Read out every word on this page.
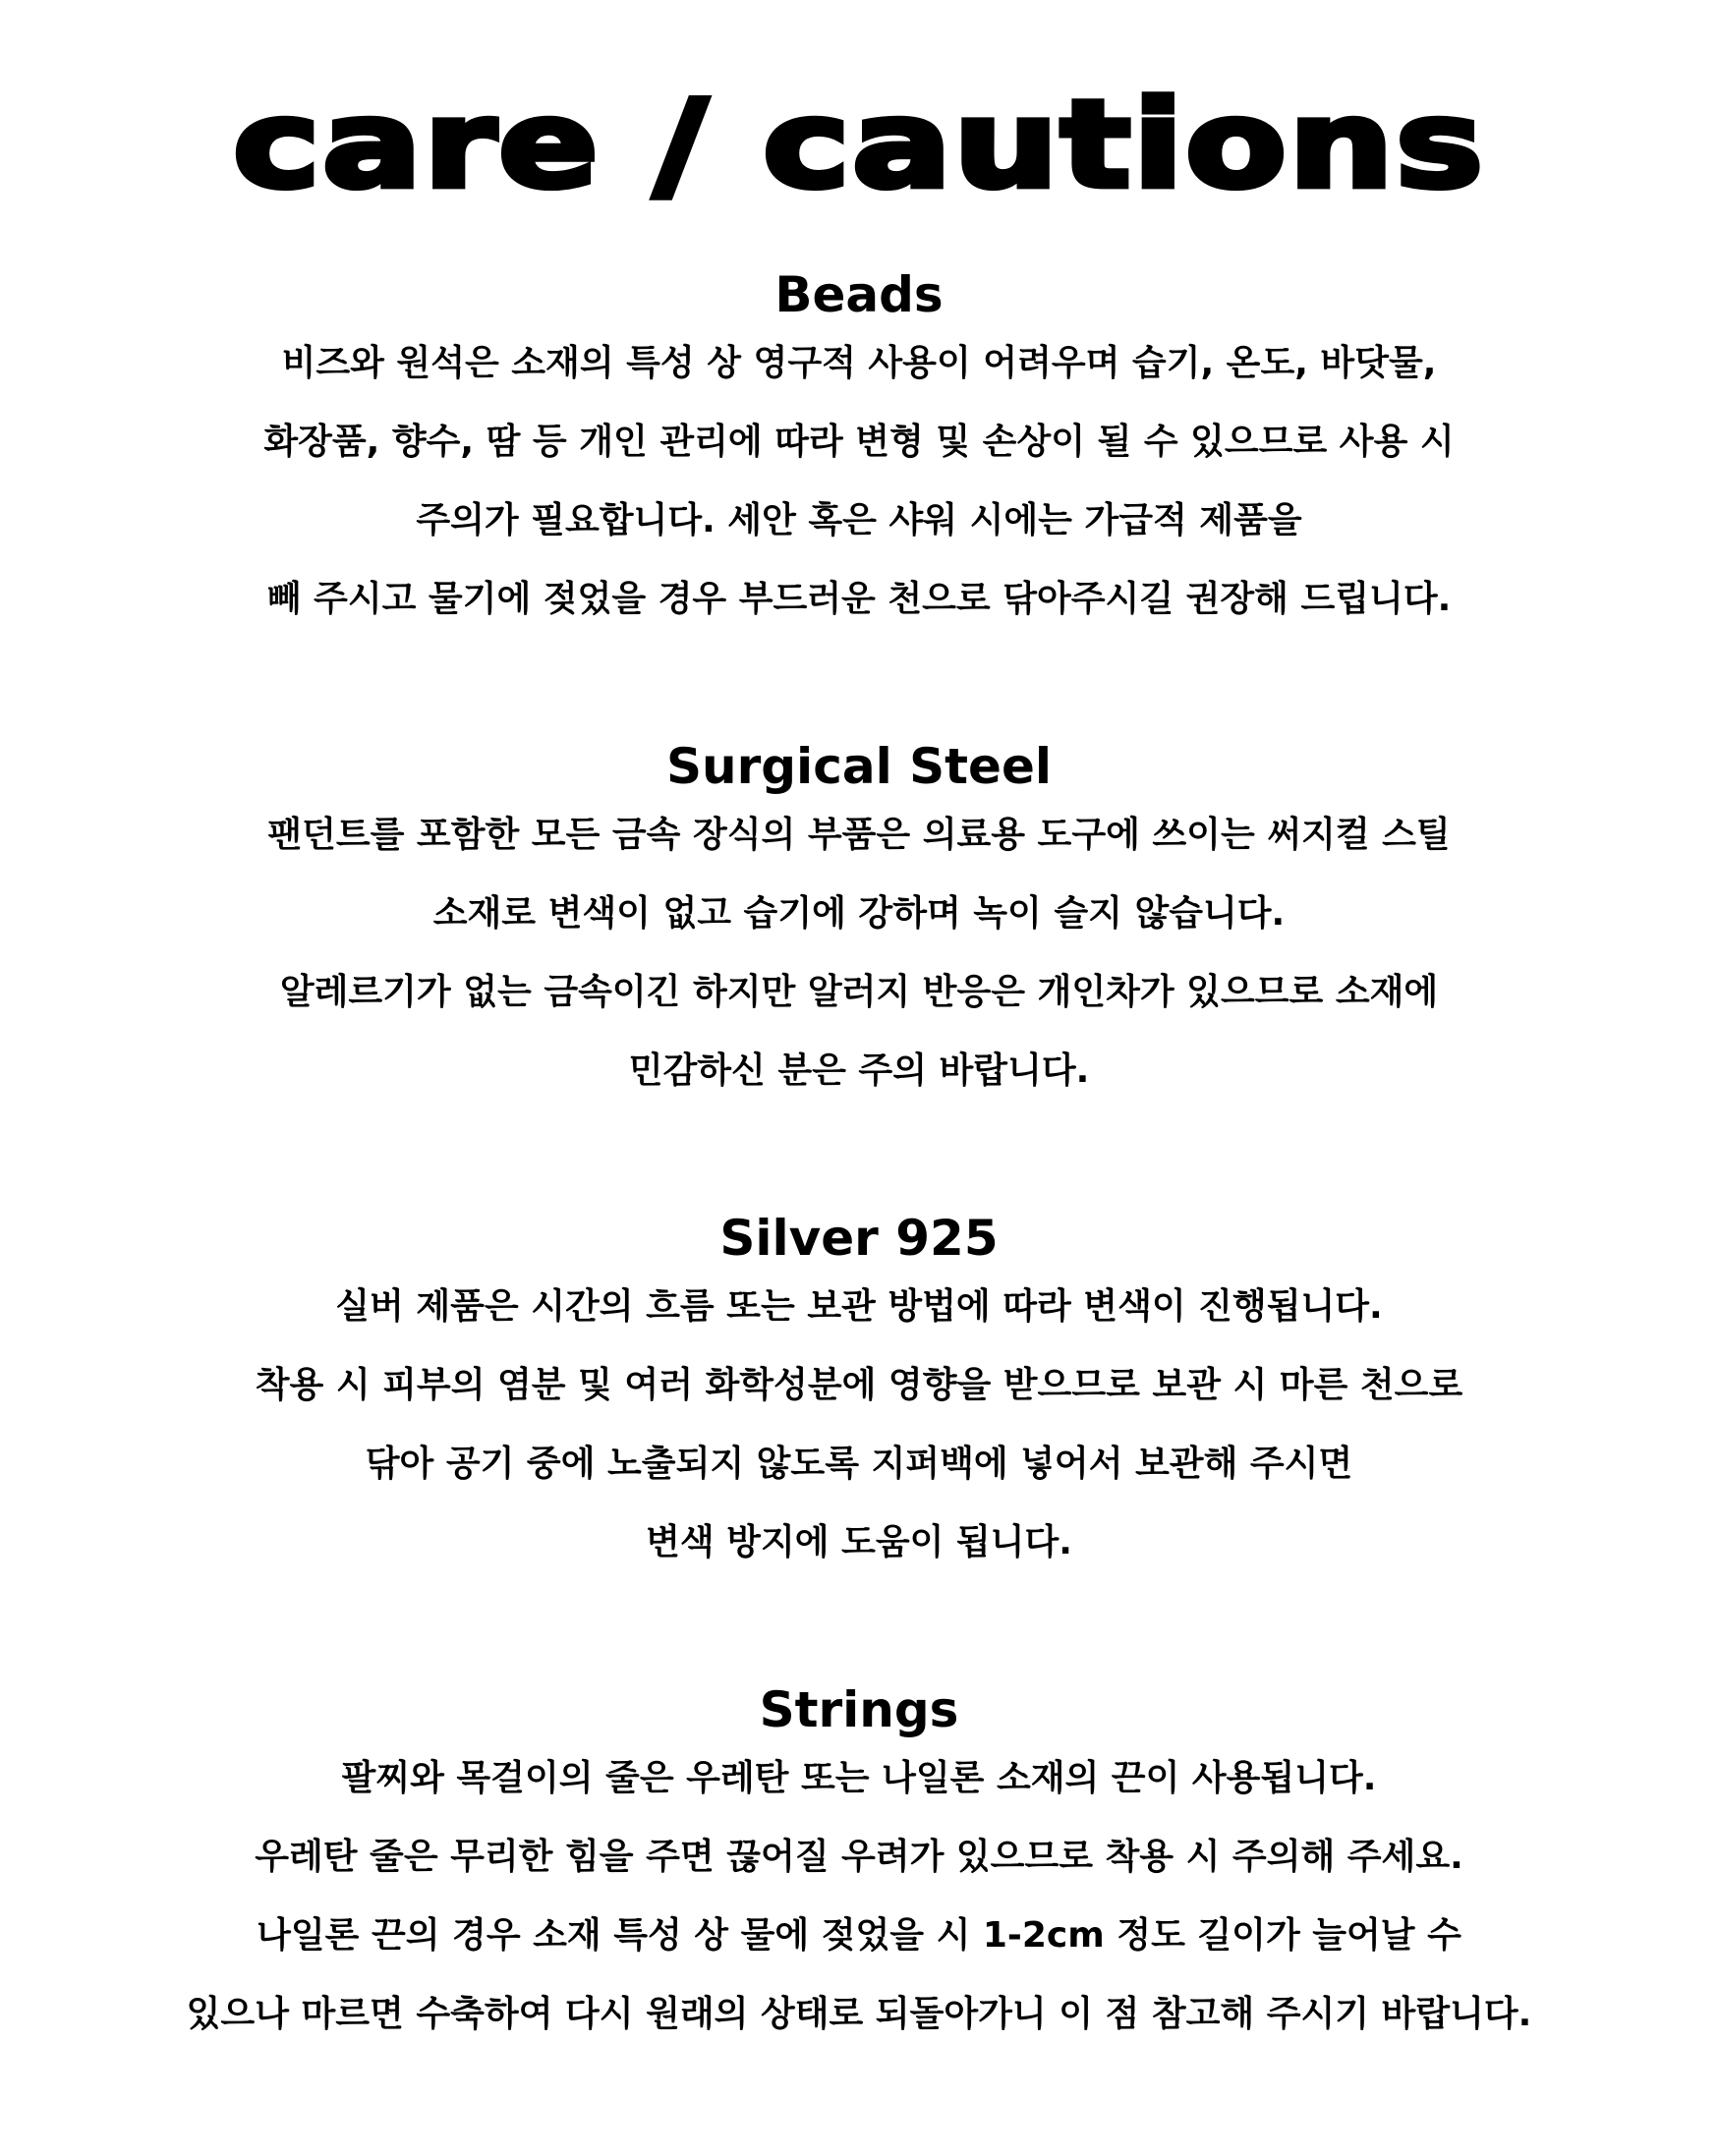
care / cautions
Beads
비즈와 원석은 소재의 특성 상 영구적 사용이 어려우며 습기, 온도, 바닷물,
화장품, 향수, 땀 등 개인 관리에 따라 변형 및 손상이 될 수 있으므로 사용 시
주의가 필요합니다. 세안 혹은 샤워 시에는 가급적 제품을
빼 주시고 물기에 젖었을 경우 부드러운 천으로 닦아주시길 권장해 드립니다.
Surgical Steel
팬던트를 포함한 모든 금속 장식의 부품은 의료용 도구에 쓰이는 써지컬 스틸
소재로 변색이 없고 습기에 강하며 녹이 슬지 않습니다.
알레르기가 없는 금속이긴 하지만 알러지 반응은 개인차가 있으므로 소재에
민감하신 분은 주의 바랍니다.
Silver 925
실버 제품은 시간의 흐름 또는 보관 방법에 따라 변색이 진행됩니다.
착용 시 피부의 염분 및 여러 화학성분에 영향을 받으므로 보관 시 마른 천으로
닦아 공기 중에 노출되지 않도록 지퍼백에 넣어서 보관해 주시면
변색 방지에 도움이 됩니다.
Strings
팔찌와 목걸이의 줄은 우레탄 또는 나일론 소재의 끈이 사용됩니다.
우레탄 줄은 무리한 힘을 주면 끊어질 우려가 있으므로 착용 시 주의해 주세요.
나일론 끈의 경우 소재 특성 상 물에 젖었을 시 1-2cm 정도 길이가 늘어날 수
있으나 마르면 수축하여 다시 원래의 상태로 되돌아가니 이 점 참고해 주시기 바랍니다.
